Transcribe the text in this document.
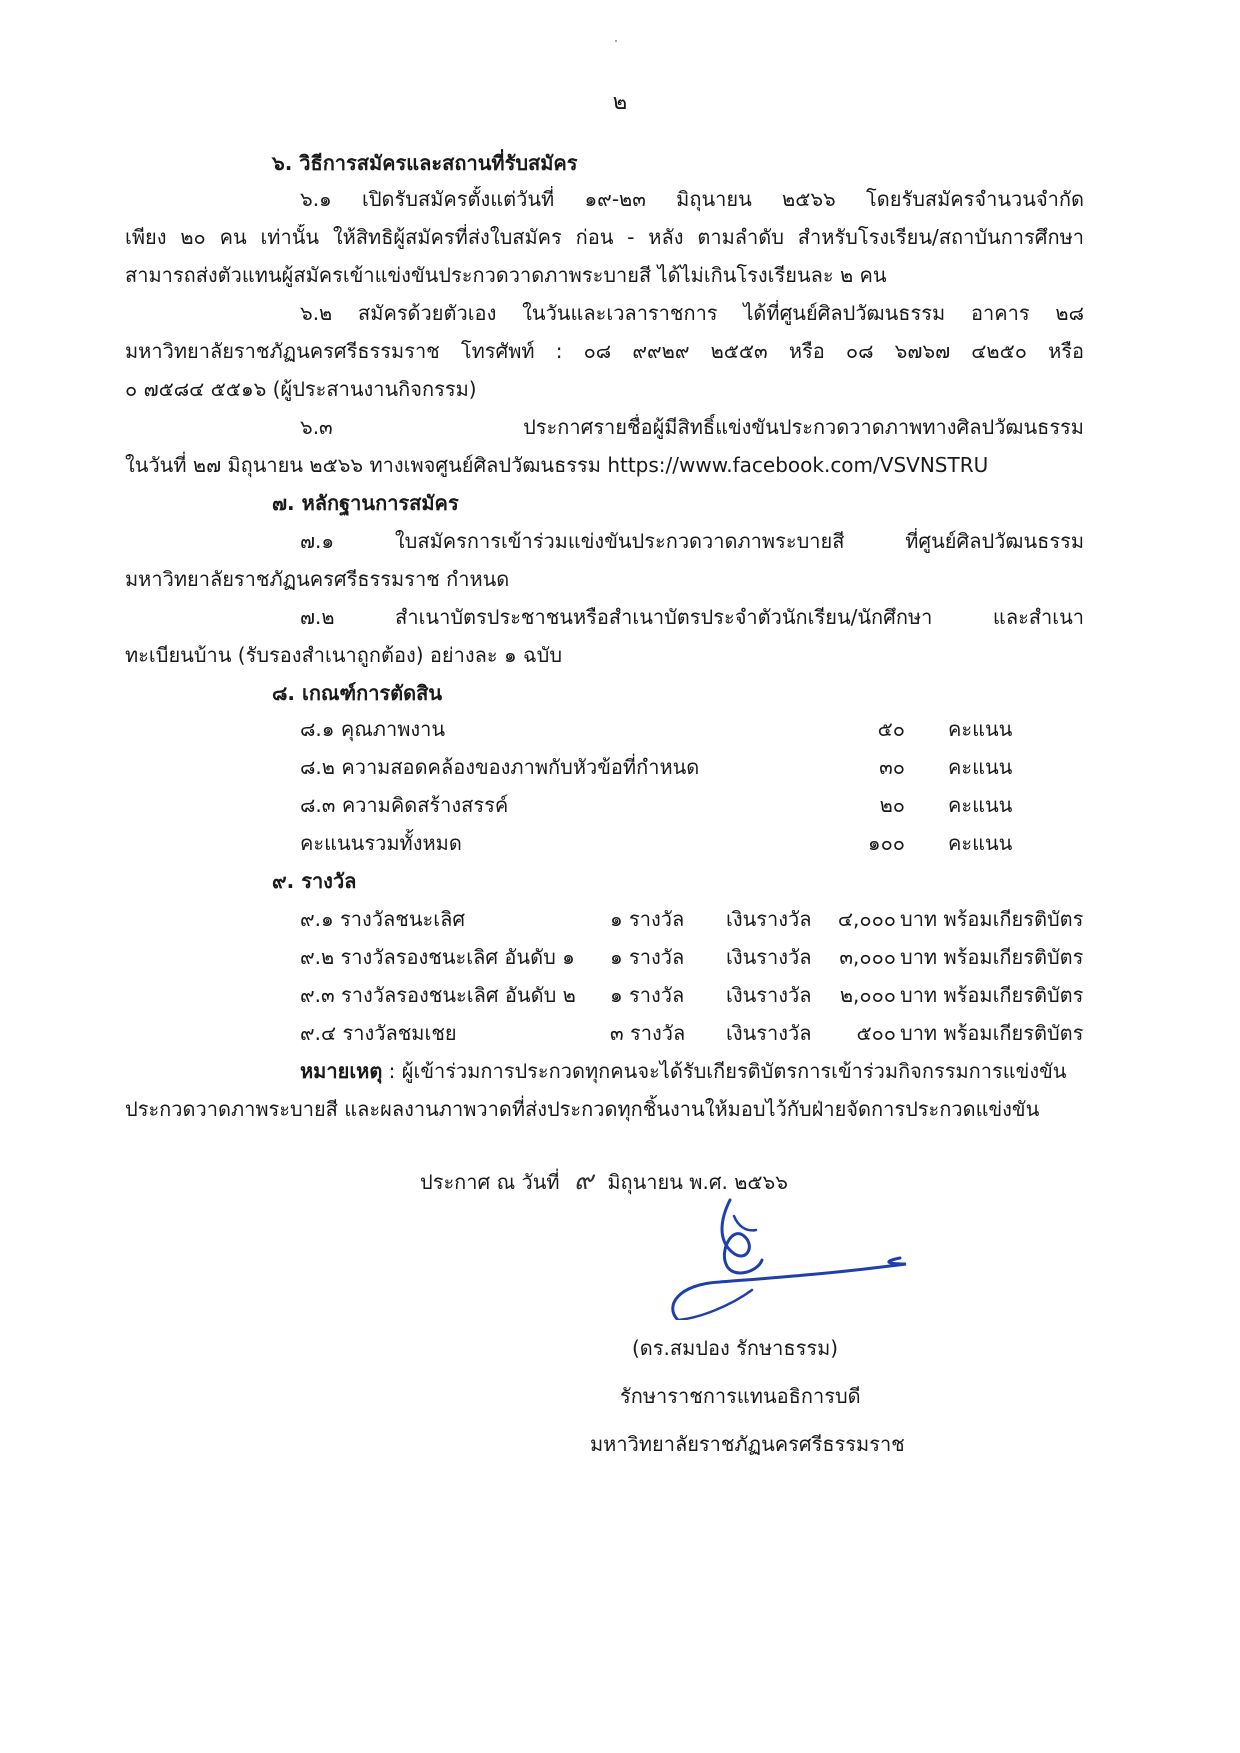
๒
๖. วิธีการสมัครและสถานที่รับสมัคร
๖.๑ เปิดรับสมัครตั้งแต่วันที่ ๑๙-๒๓ มิถุนายน ๒๕๖๖ โดยรับสมัครจำนวนจำกัด
เพียง ๒๐ คน เท่านั้น ให้สิทธิผู้สมัครที่ส่งใบสมัคร ก่อน - หลัง ตามลำดับ สำหรับโรงเรียน/สถาบันการศึกษา
สามารถส่งตัวแทนผู้สมัครเข้าแข่งขันประกวดวาดภาพระบายสี ได้ไม่เกินโรงเรียนละ ๒ คน
๖.๒ สมัครด้วยตัวเอง ในวันและเวลาราชการ ได้ที่ศูนย์ศิลปวัฒนธรรม อาคาร ๒๘
มหาวิทยาลัยราชภัฏนครศรีธรรมราช โทรศัพท์ : ๐๘ ๙๙๒๙ ๒๕๕๓ หรือ ๐๘ ๖๗๖๗ ๔๒๕๐ หรือ
๐ ๗๕๘๔ ๕๕๑๖ (ผู้ประสานงานกิจกรรม)
๖.๓ ประกาศรายชื่อผู้มีสิทธิ์แข่งขันประกวดวาดภาพทางศิลปวัฒนธรรม
ในวันที่ ๒๗ มิถุนายน ๒๕๖๖ ทางเพจศูนย์ศิลปวัฒนธรรม https://www.facebook.com/VSVNSTRU
๗. หลักฐานการสมัคร
๗.๑ ใบสมัครการเข้าร่วมแข่งขันประกวดวาดภาพระบายสี ที่ศูนย์ศิลปวัฒนธรรม
มหาวิทยาลัยราชภัฏนครศรีธรรมราช กำหนด
๗.๒ สำเนาบัตรประชาชนหรือสำเนาบัตรประจำตัวนักเรียน/นักศึกษา และสำเนา
ทะเบียนบ้าน (รับรองสำเนาถูกต้อง) อย่างละ ๑ ฉบับ
๘. เกณฑ์การตัดสิน
๘.๑ คุณภาพงาน	๕๐ คะแนน
๘.๒ ความสอดคล้องของภาพกับหัวข้อที่กำหนด	๓๐ คะแนน
๘.๓ ความคิดสร้างสรรค์	๒๐ คะแนน
คะแนนรวมทั้งหมด	๑๐๐ คะแนน
๙. รางวัล
๙.๑ รางวัลชนะเลิศ	๑ รางวัล เงินรางวัล ๔,๐๐๐ บาท พร้อมเกียรติบัตร
๙.๒ รางวัลรองชนะเลิศ อันดับ ๑ ๑ รางวัล เงินรางวัล ๓,๐๐๐ บาท พร้อมเกียรติบัตร
๙.๓ รางวัลรองชนะเลิศ อันดับ ๒ ๑ รางวัล เงินรางวัล ๒,๐๐๐ บาท พร้อมเกียรติบัตร
๙.๔ รางวัลชมเชย	๓ รางวัล เงินรางวัล	๕๐๐ บาท พร้อมเกียรติบัตร
หมายเหตุ : ผู้เข้าร่วมการประกวดทุกคนจะได้รับเกียรติบัตรการเข้าร่วมกิจกรรมการแข่งขัน
ประกวดวาดภาพระบายสี และผลงานภาพวาดที่ส่งประกวดทุกชิ้นงานให้มอบไว้กับฝ่ายจัดการประกวดแข่งขัน
ประกาศ ณ วันที่ ๙ มิถุนายน พ.ศ. ๒๕๖๖
(ดร.สมปอง รักษาธรรม)
รักษาราชการแทนอธิการบดี
มหาวิทยาลัยราชภัฏนครศรีธรรมราช
